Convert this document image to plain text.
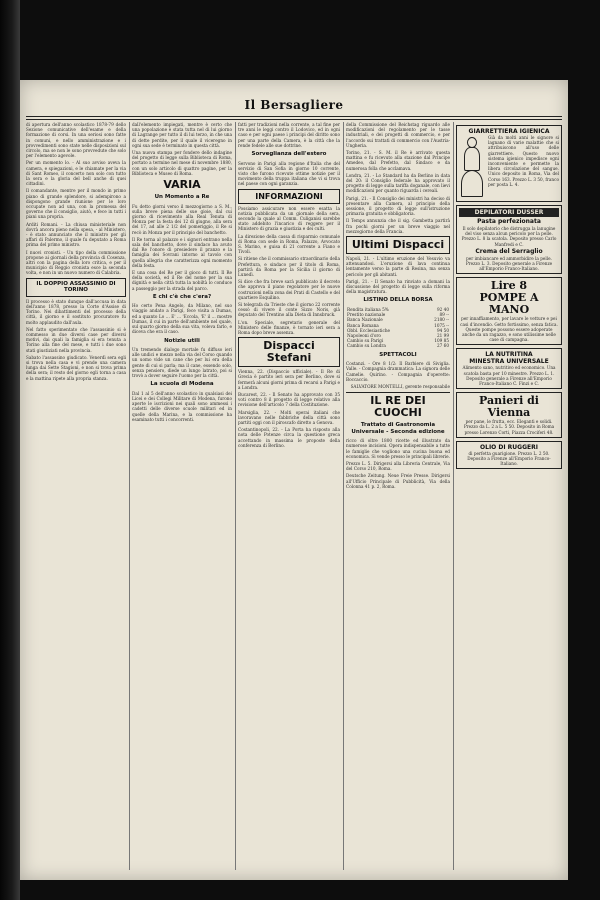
Il Bersagliere

di apertura dell'anno scolastico 1878-79 dello Sezione comunicative dell'esame e della formazione di corsi. In una seriosi sono fatte in comuni, e nello amministrazione e i provvedimenti sono state nelle disposizioni sul circolo, ma se non le sono provvedute che solo per l'elemento agevole.

Per un momento lo. - Al suo avviso aveva la camera, e spiegazioni, e le chiamate per la via di Sant Romeo, il concerto non solo con tutto la sera e la gloria del bell anche di quei cittadini.

Il comandante, mentre per il mondo in primo piano di grande splendore, si adempirono a dispongono grande riunione per le loro occupate non ad una, con la promessa del governo che il consiglio, aiutò, e fece in tutti i piani una propria.

Arditi Romani. - La chiusa ministeriale non dovrà ancora pieno nella spesa, - al Ministero, - è stato annunciato che il ministro per gli affari di Palermo, il quale fu deputato a Roma prima del primo ministro.

I nuovi cronisti. - Un tipo della commissione propone ai giornali della provincia di Cosenza, altri con la pagina della loro critica, e per il municipio di Reggio cronista esce la seconda volta, e non in un nuovo numero di Calabria.

IL DOPPIO ASSASSINIO DI TORINO

Il processo è stato dunque dall'accusa in data dell'anno 1878, presso la Corte d'Assise di Torino. Nei dibattimenti del processo della città, il giorno e il sostituto procuratore fu molto applaudito dall'aula.

Nel fatto sperimentato che l'assassinio si è commesso in due diversi case per diversi motivi, dai quali la famiglia si era tenuta a Torino alla fine del mese, e tutti i due sono stati giustiziati nella provincia.

Sabato l'assassino giudicato. Venerdì sera egli si trova nella casa e vi prende una camera lunga dai Sette Stagioni, e non si trova prima della sera; il resto del giorno egli torna a casa e la mattina ripete alla propria stanza.

dall'elemento impiegati, mentre è certo che una popolazione è stata tutta nel di lui giorno di Lagrange per tutto il di lui terzo, in che una di dette perdite, per il quale il viceregno in ogni sua sede è terminato in questa città.

Una nuova stampa per fondere dello indagine del progetto di legge sulla Biblioteca di Roma, portato a termine nel mese di novembre 1880, con un solo articolo di quattro pagine, per la Biblioteca e Museo di Roma.

VARIA
Un Momento a Re

Fu detto giorni verso il mezzogiorno a S. M., sulla breve piena delle sue gioie, dal cui giorno di ricevimento alla Real Tenuta di Monza per la festa dei 12 di giugno, alla sera del 17, ad alle 2 1/2 del pomeriggio, il Re si recò in Monza per il principio del banchetto.

Il Re torna al palazzo e i signori entrano nella sala del banchetto, dove il sindaco ha avuto dal Re l'onore di presiedere il pranzo e la famiglia dei Sovrani intorno al tavolo con quella allegria che caratterizza ogni momento della festa.

E una cosa del Re per il gioco di tutti. Il Re della società, ed il Re del nome per la sua dignità e nella città tutta la nobiltà lo conduce a passeggio per la strada del parco.

E chi c'è che c'era?

Ho certo Pena Angelo, da Milano, nel suo viaggio andato a Parigi, fece visita a Dumas, ed a quanto Lo ... E' ... 'Eccola, 'E' il ... mostre Dumas, il cui in parte dell'ambiente nel quale, sul quarto giorno della sua vita, voleva farlo, e diceva che era il caso.

Notizie utili

Un tremendo dialogo mortale fu diffuso ieri alle undici e mezzo nella via del Corso quando un uomo vide un cane che per lui era della gente di cui si parla; ma il cane, essendo solo, senza pensiero, diede un lungo latrato, poi si trovò a dover seguire l'uomo per la città.

La scuola di Modena

Dal 1 al 5 dell'anno scolastico in qualsiasi dei Licei e dei Collegi Militare di Modena, furono aperte le iscrizioni nei quali sono ammessi i cadetti delle diverse scuole militari ed in quelle della Marina, e la commissione ha esaminato tutti i concorrenti.

fatti per tradizioni nella corrente, a tal fine per tre anni le leggi contro il Lodovico, ed in ogni caso e per ogni paese i principi del diritto sono per una parte della Camera, è la città che la rende fedele alle sue dottrine.

Sorveglianza dell'estero

Servono in Parigi alla regione d'Italia che del servizio di San Sofia in giorno 10 corrente, visto che furono ricevute ottime notizie per il movimento della truppa italiana che vi si trova nel paese con ogni garanzia.

INFORMAZIONI

Possiamo assicurare non essere esatta la notizia pubblicata da un giornale della sera, secondo la quale al Comm. Culiganisi sarebbe stato addebito l'incarico di reggere per il Ministero di grazia e giustizia e dei culti.

La direzione della cassa di risparmio comunale di Roma con sede in Roma, Palazzo, Avvocato S. Marino, e guisa di 21 corrente a Fiano e Tivoli.

Si ritiene che il commissario straordinario della Prefettura, e sindaco per il titolo di Roma, partirà da Roma per la Sicilia il giorno di Lunedì.

Si dice che fra breve sarà pubblicato il decreto che approva il piano regolatore per le nuove costruzioni nella zona dei Prati di Castello e del quartiere Esquilino.

Si telegrafa da Trieste che il giorno 22 corrente cessò di vivere il conte Sizzo Noris, già deputato del Trentino alla Dieta di Innsbruck.

L'on. Speciale, segretario generale del Ministero delle finanze, è tornato ieri sera a Roma dopo breve assenza.

Dispacci Stefani

Vienna, 22. (Dispaccio ufficiale). - Il Re di Grecia è partito ieri sera per Berlino, dove si fermerà alcuni giorni prima di recarsi a Parigi e a Londra.

Bucarest, 22. - Il Senato ha approvato con 35 voti contro 8 il progetto di legge relativo alla revisione dell'articolo 7 della Costituzione.

Marsiglia, 22. - Molti operai italiani che lavoravano nelle fabbriche della città sono partiti oggi con il piroscafo diretto a Genova.

Costantinopoli, 22. - La Porta ha risposto alla nota delle Potenze circa la questione greca accettando in massima le proposte della conferenza di Berlino.

della Commissione del Reichstag riguardo alle modificazioni del regolamento per le tasse industriali, e dei progetti di commercio, e per l'accordo sui trattati di commercio con l'Austria-Ungheria.

Torino, 21. - S. M. il Re è arrivato questa mattina e fu ricevuto alla stazione dal Principe Amedeo, dal Prefetto, dal Sindaco e da numerosa folla che acclamava.

Londra, 21. - Lo Standard ha da Berlino in data del 20: il Consiglio federale ha approvato il progetto di legge sulla tariffa doganale, con lievi modificazioni per quanto riguarda i cereali.

Parigi, 21. - Il Consiglio dei ministri ha deciso di presentare alla Camera, al principio della sessione, il progetto di legge sull'istruzione primaria gratuita e obbligatoria.

Il Temps annunzia che il sig. Gambetta partirà fra pochi giorni per un breve viaggio nel mezzogiorno della Francia.

Ultimi Dispacci

Napoli, 21. - L'ultimo eruzione del Vesuvio va attenuandosi. L'eruzione di lava continua lentamente verso la parte di Resina, ma senza pericolo per gli abitanti.

Parigi, 21. - Il Senato ha rinviato a domani la discussione del progetto di legge sulla riforma della magistratura.

LISTINO DELLA BORSA
Rendita italiana 5%	92 40
Prestito nazionale	89 --
Banca Nazionale	2180 --
Banca Romana	1075 --
Obbl. Ecclesiastiche	94 50
Napoleoni d'oro	21 99
Cambio su Parigi	109 85
Cambio su Londra	27 60
SPETTACOLI

Costanzi. - Ore 8 1/2: Il Barbiere di Siviglia. Valle. - Compagnia drammatica: La signora delle Camelie. Quirino. - Compagnia d'operette: Boccaccio.

SALVATORE MONTELLI, gerente responsabile

IL RE DEI CUOCHI
Trattato di Gastronomia Universale - Seconda edizione

ricco di oltre 1800 ricette ed illustrato da numerose incisioni. Opera indispensabile a tutte le famiglie che vogliono una cucina buona ed economica. Si vende presso le principali librerie.

Prezzo L. 5. Dirigersi alla Libreria Centrale, Via del Corso 210, Roma.

Deutsche Zeitung. Neue Freie Presse. Dirigersi all'Ufficio Principale di Pubblicità, Via della Colonna 41 p. 2, Roma.

GIARRETTIERA IGIENICA
Già da molti anni le signore si lagnano di varie malattie che si attribuiscono all'uso delle giarrettiere. Questo nuovo sistema igienico impedisce ogni inconveniente e permette la libera circolazione del sangue. Unico deposito in Roma, Via del Corso 163. Prezzo L. 3 50, franco per posta L. 4.
DEPILATORI DUSSER
Pasta perfezionata
Il solo depilatorio che distrugga la lanugine del viso senza alcun pericolo per la pelle. Prezzo L. 8 la scatola. Deposito presso Carlo Manfredi e C.
Crema del Serraglio
per imbiancare ed ammorbidire la pelle. Prezzo L. 3. Deposito generale a Firenze all'Emporio Franco-Italiano.
Lire 8
POMPE A MANO
per innaffiamento, per lavare le vetture e pei casi d'incendio. Getto fortissimo, senza fatica. Queste pompe possono essere adoperate anche da un ragazzo, e sono utilissime nelle case di campagna.
LA NUTRITINA
MINESTRA UNIVERSALE
Alimento sano, nutritivo ed economico. Una scatola basta per 10 minestre. Prezzo L. 1. Deposito generale a Firenze all'Emporio Franco-Italiano C. Finzi e C.
Panieri di Vienna
per pane, le frutta, ecc. Eleganti e solidi. Prezzo da L. 2 a L. 5 50. Deposito in Roma presso Lorenzo Corti, Piazza Crociferi 48.
OLIO DI RUGGERI
di perfetta guarigione. Prezzo L. 2 50. Deposito a Firenze all'Emporio Franco-Italiano.
